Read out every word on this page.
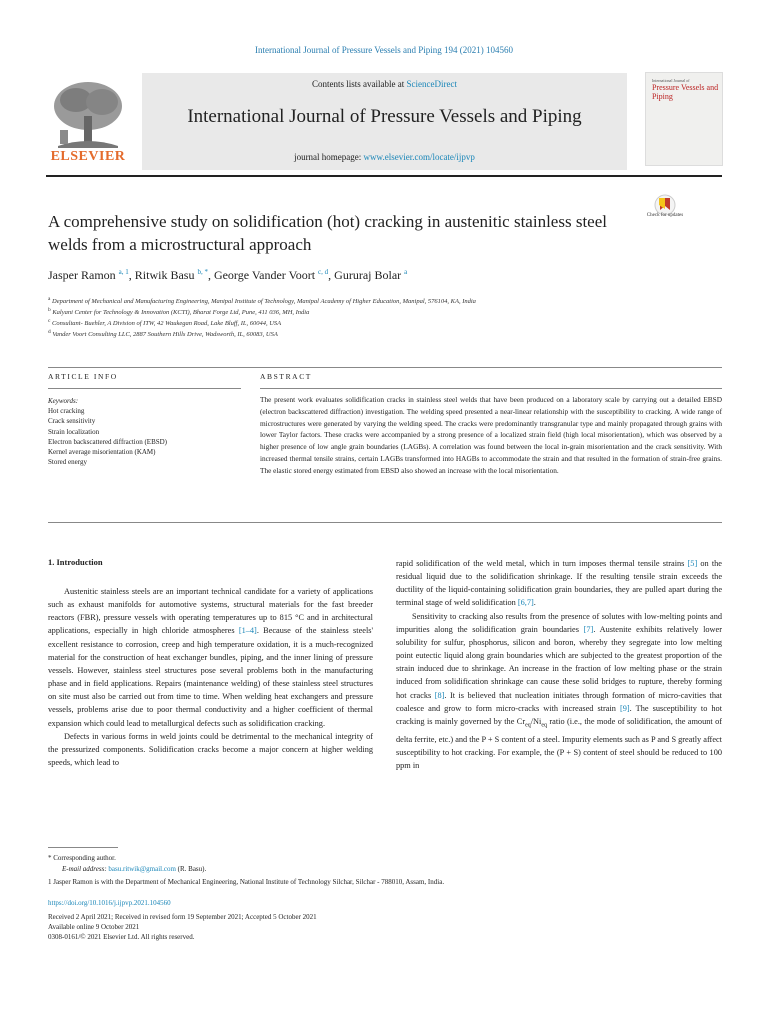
International Journal of Pressure Vessels and Piping 194 (2021) 104560
Contents lists available at ScienceDirect
International Journal of Pressure Vessels and Piping
journal homepage: www.elsevier.com/locate/ijpvp
ELSEVIER
International Journal of
Pressure Vessels and Piping
Check for updates
A comprehensive study on solidification (hot) cracking in austenitic stainless steel welds from a microstructural approach
Jasper Ramon $^{a, 1}$, Ritwik Basu $^{b, *}$, George Vander Voort $^{c, d}$, Gururaj Bolar $^a$
$^a$ Department of Mechanical and Manufacturing Engineering, Manipal Institute of Technology, Manipal Academy of Higher Education, Manipal, 576104, KA, India
$^b$ Kalyani Center for Technology & Innovation (KCTI), Bharat Forge Ltd, Pune, 411 036, MH, India
$^c$ Consultant- Buehler, A Division of ITW, 42 Waukegan Road, Lake Bluff, IL, 60044, USA
$^d$ Vander Voort Consulting LLC, 2887 Southern Hills Drive, Wadsworth, IL, 60083, USA
ARTICLE INFO	ABSTRACT
Keywords:
Hot cracking
Crack sensitivity
Strain localization
Electron backscattered diffraction (EBSD)
Kernel average misorientation (KAM)
Stored energy
The present work evaluates solidification cracks in stainless steel welds that have been produced on a laboratory scale by carrying out a detailed EBSD (electron backscattered diffraction) investigation. The welding speed presented a near-linear relationship with the susceptibility to cracking. A wide range of microstructures were generated by varying the welding speed. The cracks were predominantly transgranular type and mainly propagated through grains with lower Taylor factors. These cracks were accompanied by a strong presence of a localized strain field (high local misorientation), which was observed by a higher presence of low angle grain boundaries (LAGBs). A correlation was found between the local in-grain misorientation and the crack sensitivity. With increased thermal tensile strains, certain LAGBs transformed into HAGBs to accommodate the strain and that resulted in the formation of strain-free grains. The elastic stored energy estimated from EBSD also showed an increase with the local misorientation.
1. Introduction

Austenitic stainless steels are an important technical candidate for a variety of applications such as exhaust manifolds for automotive systems, structural materials for the fast breeder reactors (FBR), pressure vessels with operating temperatures up to 815 °C and in architectural applications, especially in high chloride atmospheres [1–4]. Because of the stainless steels' excellent resistance to corrosion, creep and high temperature oxidation, it is a much-recognized material for the construction of heat exchanger bundles, piping, and the inner lining of pressure vessels. However, stainless steel structures pose several problems both in the manufacturing phase and in field applications. Repairs (maintenance welding) of these stainless steel structures on site must also be carried out from time to time. When welding heat exchangers and pressure vessels, problems arise due to poor thermal conductivity and a higher coefficient of thermal expansion which could lead to metallurgical defects such as solidification cracking.

Defects in various forms in weld joints could be detrimental to the mechanical integrity of the pressurized components. Solidification cracks become a major concern at higher welding speeds, which lead to

rapid solidification of the weld metal, which in turn imposes thermal tensile strains [5] on the residual liquid due to the solidification shrinkage. If the resulting tensile strain exceeds the ductility of the liquid-containing solidification grain boundaries, they are pulled apart during the terminal stage of weld solidification [6,7].

Sensitivity to cracking also results from the presence of solutes with low-melting points and impurities along the solidification grain boundaries [7]. Austenite exhibits relatively lower solubility for sulfur, phosphorus, silicon and boron, whereby they segregate into low melting point eutectic liquid along grain boundaries which are subjected to the greatest proportion of the strain induced due to shrinkage. An increase in the fraction of low melting phase or the strain induced from solidification shrinkage can cause these solid bridges to rupture, thereby forming hot cracks [8]. It is believed that nucleation initiates through formation of micro-cavities that coalesce and grow to form micro-cracks with increased strain [9]. The susceptibility to hot cracking is mainly governed by the $Cr_{eq}/Ni_{eq}$ ratio (i.e., the mode of solidification, the amount of delta ferrite, etc.) and the P + S content of a steel. Impurity elements such as P and S greatly affect susceptibility to hot cracking. For example, the (P + S) content of steel should be reduced to 100 ppm in

* Corresponding author.
E-mail address: basu.ritwik@gmail.com (R. Basu).
1 Jasper Ramon is with the Department of Mechanical Engineering, National Institute of Technology Silchar, Silchar - 788010, Assam, India.
https://doi.org/10.1016/j.ijpvp.2021.104560
Received 2 April 2021; Received in revised form 19 September 2021; Accepted 5 October 2021
Available online 9 October 2021
0308-0161/© 2021 Elsevier Ltd. All rights reserved.
